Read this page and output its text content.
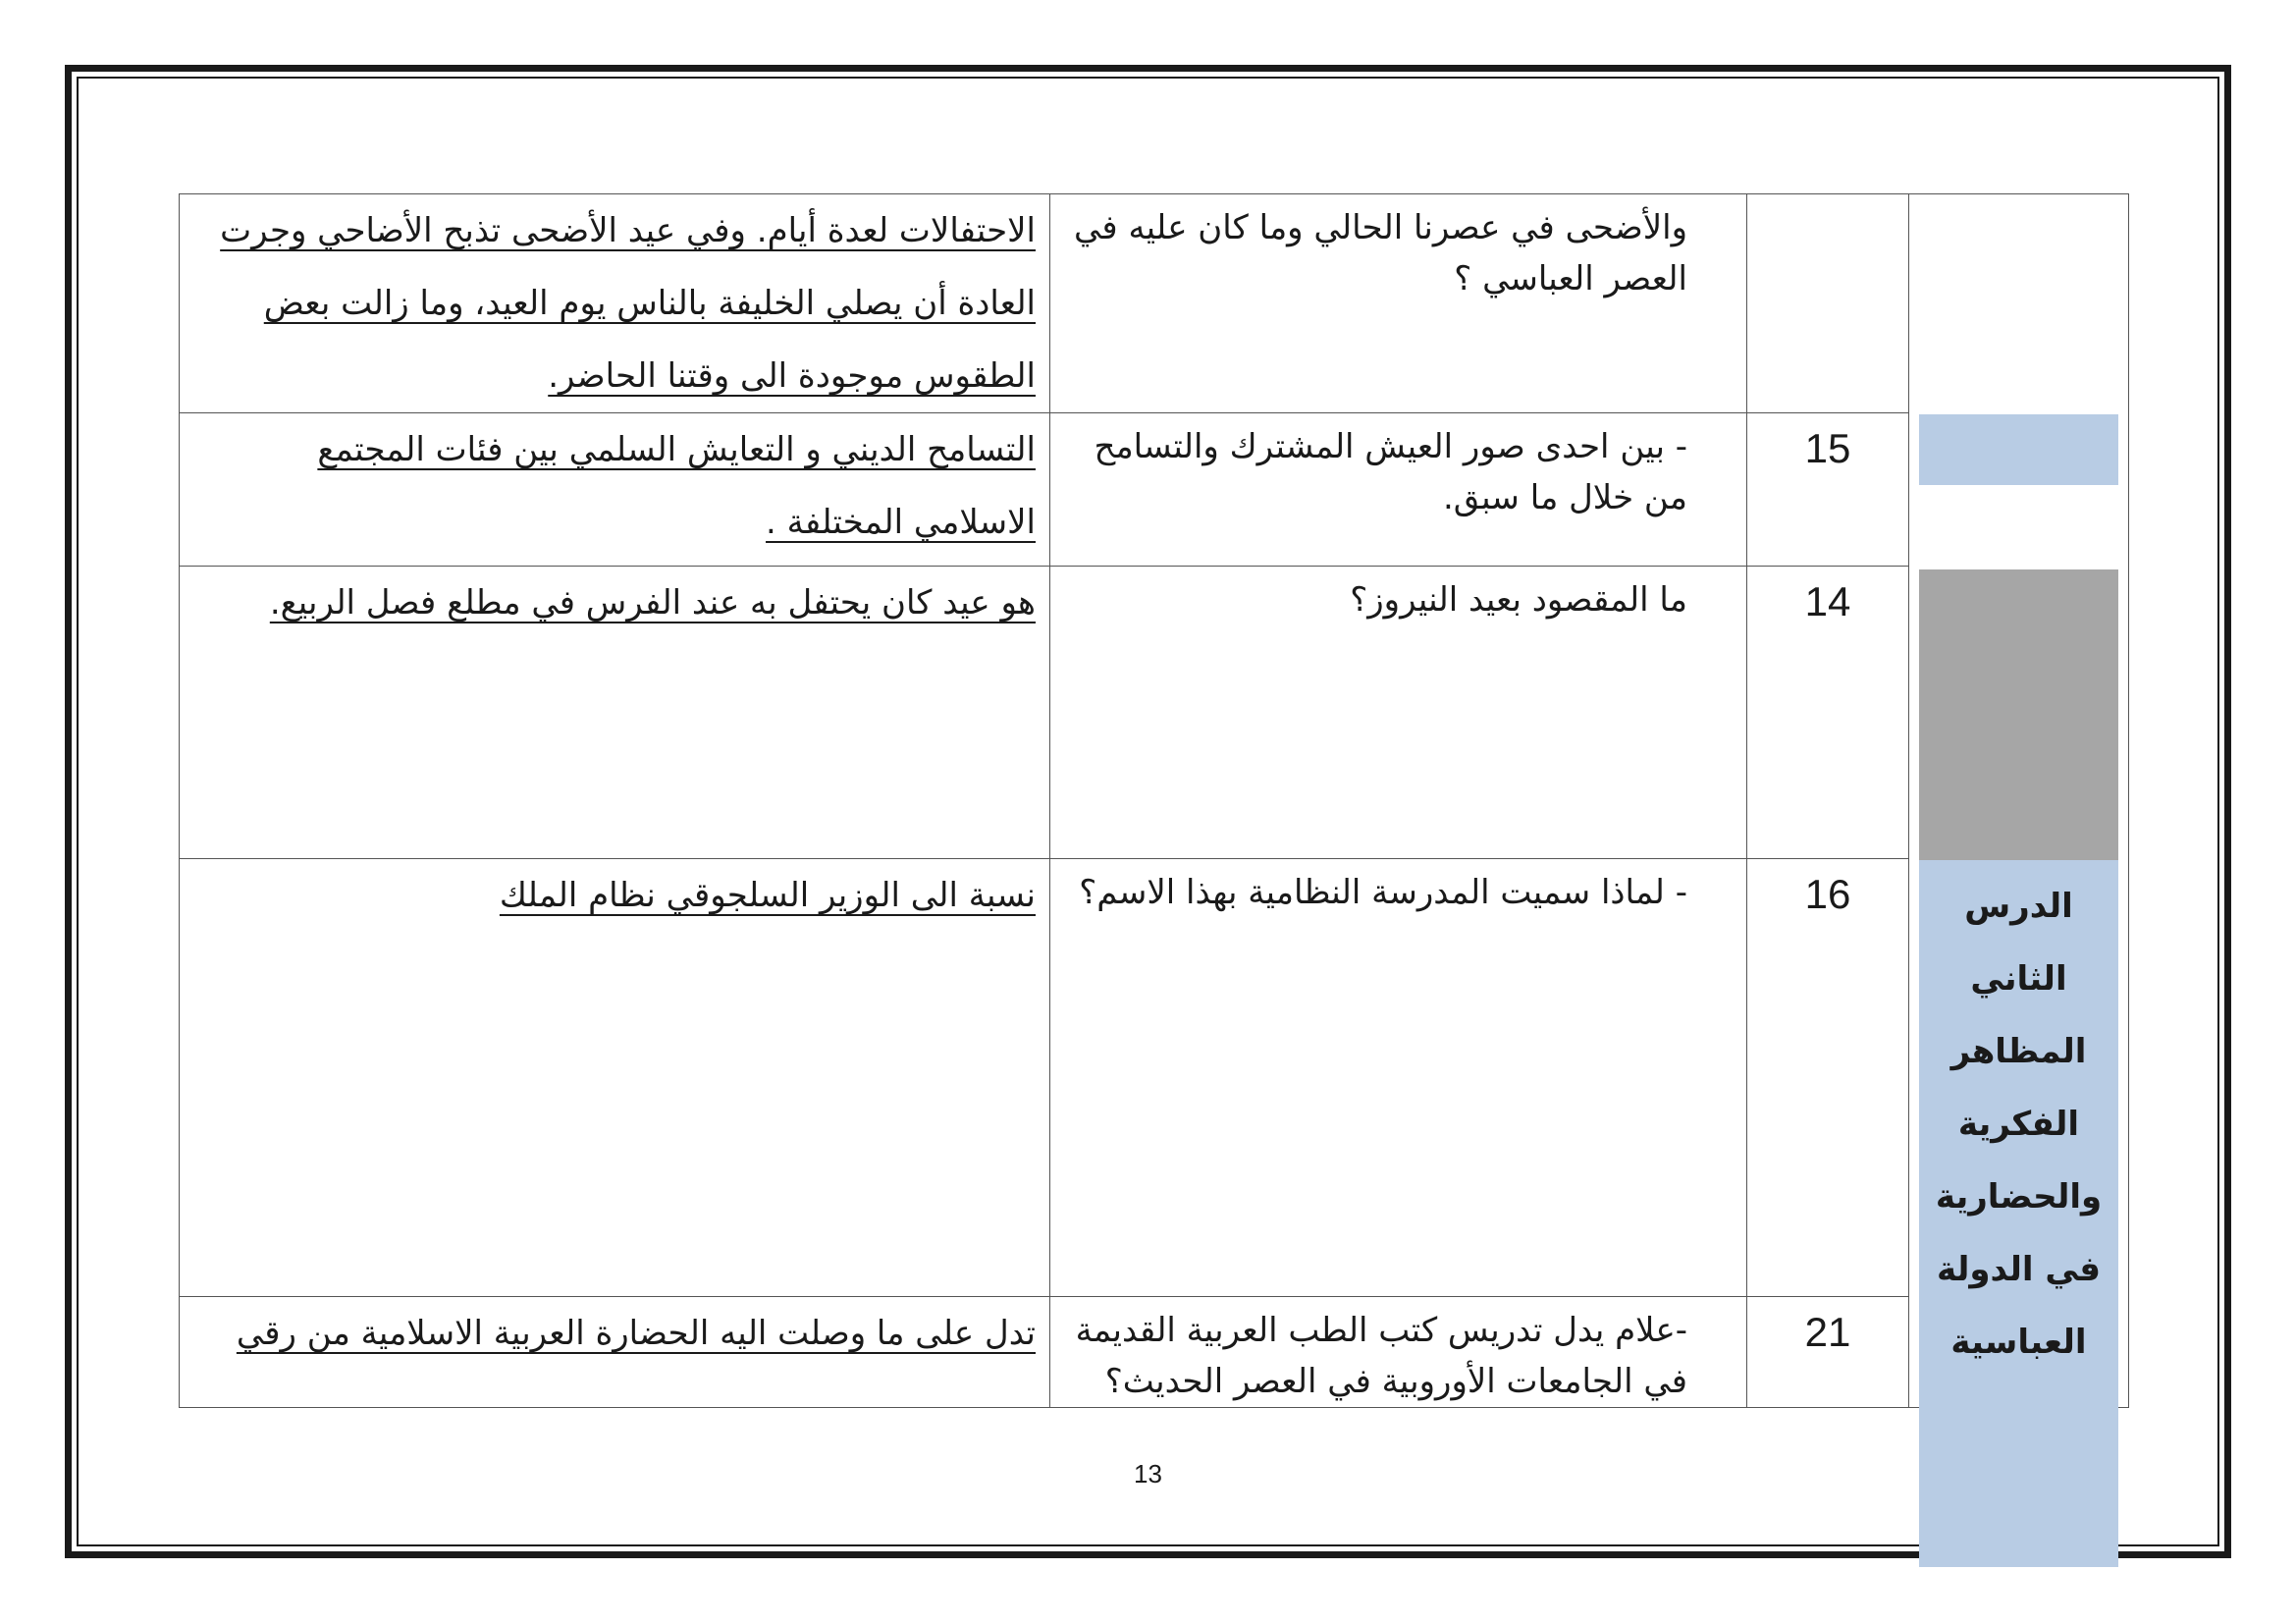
الاحتفالات لعدة أيام. وفي عيد الأضحى تذبح الأضاحي وجرت العادة أن يصلي الخليفة بالناس يوم العيد، وما زالت بعض الطقوس موجودة الى وقتنا الحاضر.	والأضحى في عصرنا الحالي وما كان عليه في العصر العباسي ؟		الدرس الثاني المظاهر الفكرية والحضارية في الدولة العباسية

التسامح الديني و التعايش السلمي بين فئات المجتمع الاسلامي المختلفة .	- بين احدى صور العيش المشترك والتسامح من خلال ما سبق.	15	

هو عيد كان يحتفل به عند الفرس في مطلع فصل الربيع.	ما المقصود بعيد النيروز؟	14	

نسبة الى الوزير السلجوقي نظام الملك	- لماذا سميت المدرسة النظامية بهذا الاسم؟	16	

تدل على ما وصلت اليه الحضارة العربية الاسلامية من رقي	-علام يدل تدريس كتب الطب العربية القديمة في الجامعات الأوروبية في العصر الحديث؟	21	
13
